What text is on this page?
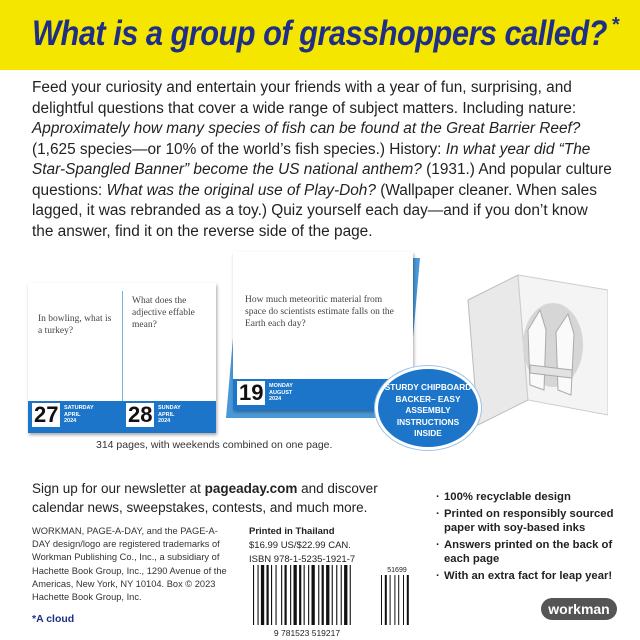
What is a group of grasshoppers called? *
Feed your curiosity and entertain your friends with a year of fun, surprising, and delightful questions that cover a wide range of subject matters. Including nature: Approximately how many species of fish can be found at the Great Barrier Reef? (1,625 species—or 10% of the world’s fish species.) History: In what year did “The Star-Spangled Banner” become the US national anthem? (1931.) And popular culture questions: What was the original use of Play-Doh? (Wallpaper cleaner. When sales lagged, it was rebranded as a toy.) Quiz yourself each day—and if you don’t know the answer, find it on the reverse side of the page.
In bowling, what is a turkey?
What does the adjective effable mean?
27	SATURDAY
APRIL
2024	28	SUNDAY
APRIL
2024
How much meteoritic material from space do scientists estimate falls on the Earth each day?
19	MONDAY
AUGUST
2024
314 pages, with weekends combined on one page.
STURDY CHIPBOARD BACKER– EASY ASSEMBLY INSTRUCTIONS INSIDE
Sign up for our newsletter at pageaday.com and discover calendar news, sweepstakes, contests, and much more.
· 100% recyclable design
· Printed on responsibly sourced paper with soy-based inks
· Answers printed on the back of each page
· With an extra fact for leap year!
WORKMAN, PAGE-A-DAY, and the PAGE-A-DAY design/logo are registered trademarks of Workman Publishing Co., Inc., a subsidiary of Hachette Book Group, Inc., 1290 Avenue of the Americas, New York, NY 10104. Box © 2023 Hachette Book Group, Inc.
*A cloud
Printed in Thailand
$16.99 US/$22.99 CAN.
ISBN 978-1-5235-1921-7
51699
9 781523 519217
workman
